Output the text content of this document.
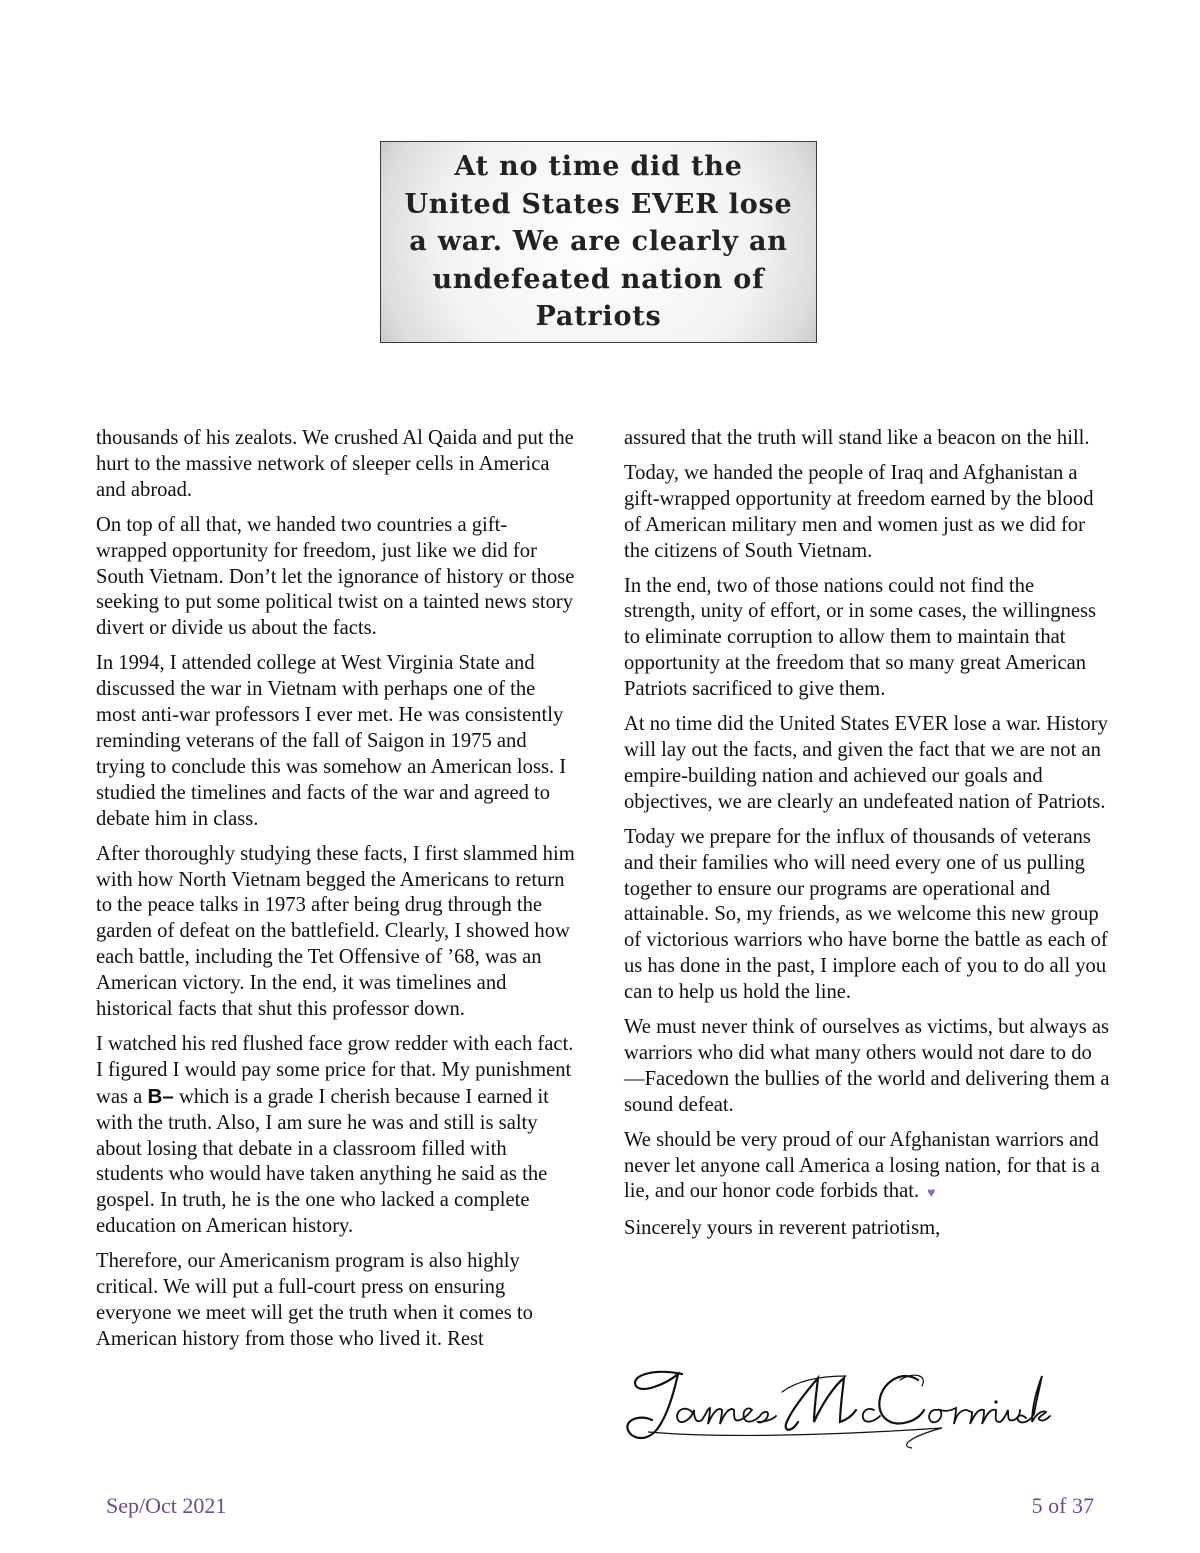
At no time did the United States EVER lose a war. We are clearly an undefeated nation of Patriots

thousands of his zealots. We crushed Al Qaida and put the hurt to the massive network of sleeper cells in America and abroad.

On top of all that, we handed two countries a gift-wrapped opportunity for freedom, just like we did for South Vietnam. Don’t let the ignorance of history or those seeking to put some political twist on a tainted news story divert or divide us about the facts.

In 1994, I attended college at West Virginia State and discussed the war in Vietnam with perhaps one of the most anti-war professors I ever met. He was consistently reminding veterans of the fall of Saigon in 1975 and trying to conclude this was somehow an American loss. I studied the timelines and facts of the war and agreed to debate him in class.

After thoroughly studying these facts, I first slammed him with how North Vietnam begged the Americans to return to the peace talks in 1973 after being drug through the garden of defeat on the battlefield. Clearly, I showed how each battle, including the Tet Offensive of ’68, was an American victory. In the end, it was timelines and historical facts that shut this professor down.

I watched his red flushed face grow redder with each fact. I figured I would pay some price for that. My punishment was a B– which is a grade I cherish because I earned it with the truth. Also, I am sure he was and still is salty about losing that debate in a classroom filled with students who would have taken anything he said as the gospel. In truth, he is the one who lacked a complete education on American history.

Therefore, our Americanism program is also highly critical. We will put a full-court press on ensuring everyone we meet will get the truth when it comes to American history from those who lived it. Rest

assured that the truth will stand like a beacon on the hill.

Today, we handed the people of Iraq and Afghanistan a gift-wrapped opportunity at freedom earned by the blood of American military men and women just as we did for the citizens of South Vietnam.

In the end, two of those nations could not find the strength, unity of effort, or in some cases, the willingness to eliminate corruption to allow them to maintain that opportunity at the freedom that so many great American Patriots sacrificed to give them.

At no time did the United States EVER lose a war. History will lay out the facts, and given the fact that we are not an empire-building nation and achieved our goals and objectives, we are clearly an undefeated nation of Patriots.

Today we prepare for the influx of thousands of veterans and their families who will need every one of us pulling together to ensure our programs are operational and attainable. So, my friends, as we welcome this new group of victorious warriors who have borne the battle as each of us has done in the past, I implore each of you to do all you can to help us hold the line.

We must never think of ourselves as victims, but always as warriors who did what many others would not dare to do—Facedown the bullies of the world and delivering them a sound defeat.

We should be very proud of our Afghanistan warriors and never let anyone call America a losing nation, for that is a lie, and our honor code forbids that. ♥

Sincerely yours in reverent patriotism,

Sep/Oct 2021	5 of 37
